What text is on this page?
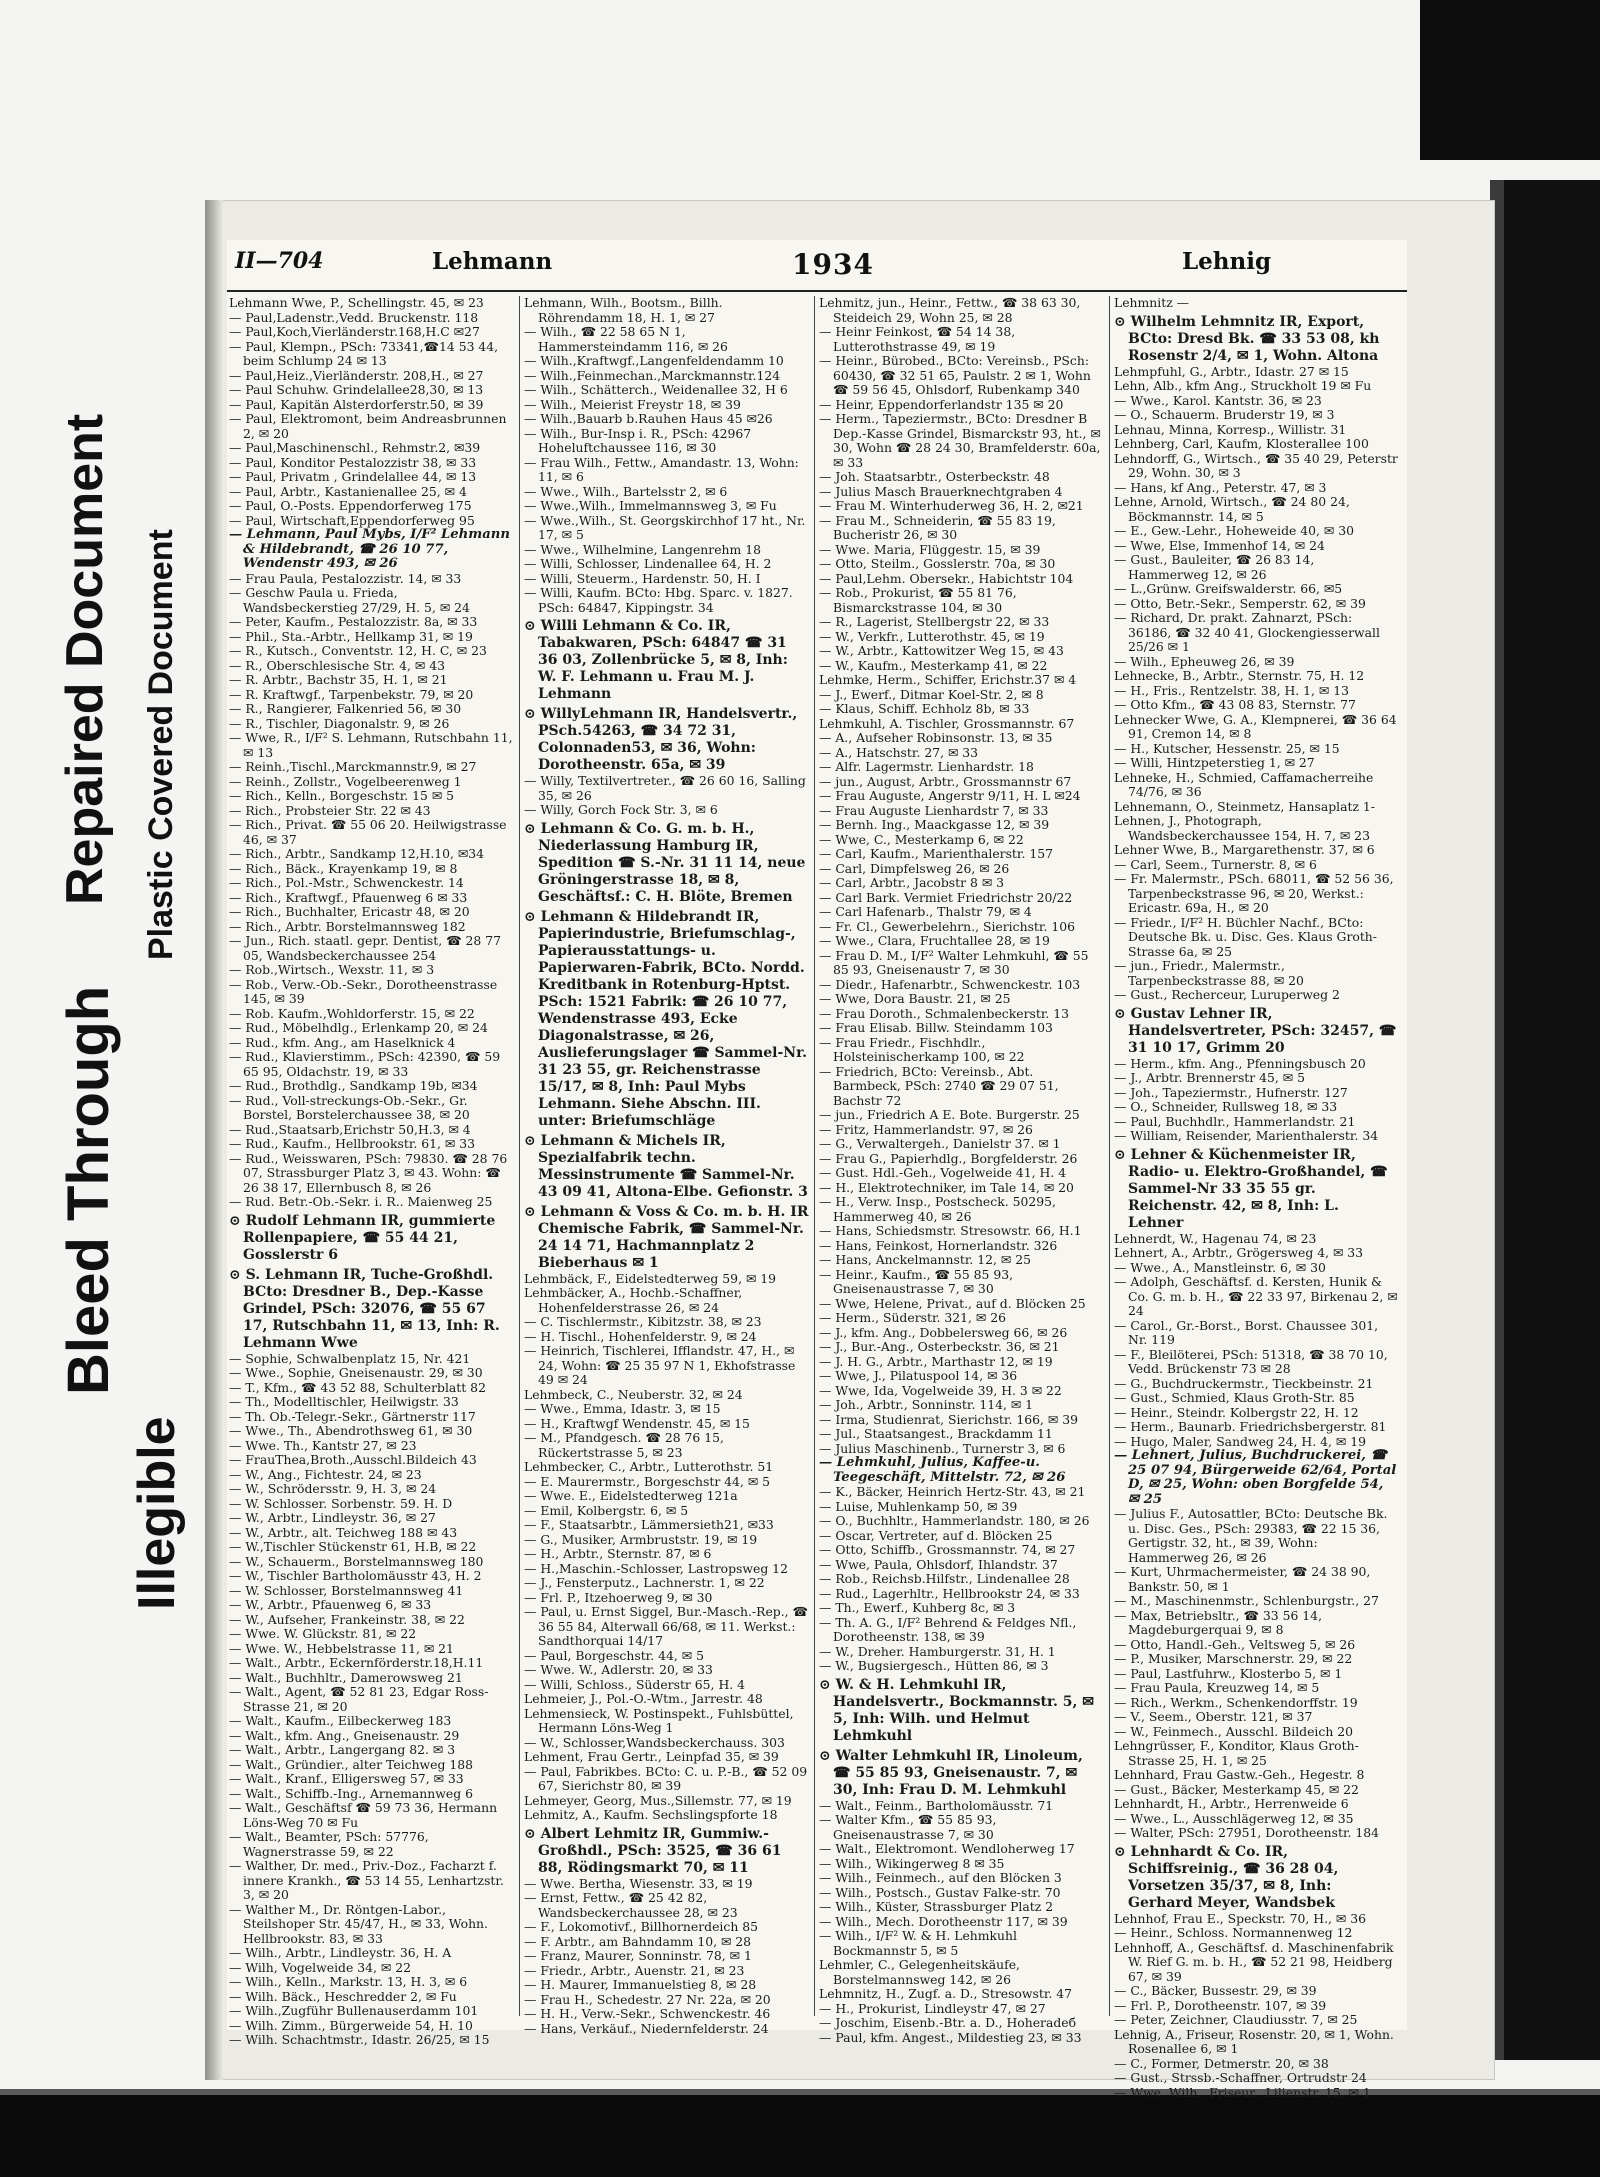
Bleed Through
Repaired Document Plastic Covered Document
Illegible
II—704	Lehmann	1934	Lehnig

Lehmann Wwe, P., Schellingstr. 45, ✉ 23

— Paul,Ladenstr.,Vedd. Bruckenstr. 118

— Paul,Koch,Vierländerstr.168,H.C ✉27

— Paul, Klempn., PSch: 73341,☎14 53 44, beim Schlump 24 ✉ 13

— Paul,Heiz.,Vierländerstr. 208,H., ✉ 27

— Paul Schuhw. Grindelallee28,30, ✉ 13

— Paul, Kapitän Alsterdorferstr.50, ✉ 39

— Paul, Elektromont, beim Andreasbrunnen 2, ✉ 20

— Paul,Maschinenschl., Rehmstr.2, ✉39

— Paul, Konditor Pestalozzistr 38, ✉ 33

— Paul, Privatm , Grindelallee 44, ✉ 13

— Paul, Arbtr., Kastanienallee 25, ✉ 4

— Paul, O.-Posts. Eppendorferweg 175

— Paul, Wirtschaft,Eppendorferweg 95

— Lehmann, Paul Mybs, I/F² Lehmann & Hildebrandt, ☎ 26 10 77, Wendenstr 493, ✉ 26

— Frau Paula, Pestalozzistr. 14, ✉ 33

— Geschw Paula u. Frieda, Wandsbeckerstieg 27/29, H. 5, ✉ 24

— Peter, Kaufm., Pestalozzistr. 8a, ✉ 33

— Phil., Sta.-Arbtr., Hellkamp 31, ✉ 19

— R., Kutsch., Conventstr. 12, H. C, ✉ 23

— R., Oberschlesische Str. 4, ✉ 43

— R. Arbtr., Bachstr 35, H. 1, ✉ 21

— R. Kraftwgf., Tarpenbekstr. 79, ✉ 20

— R., Rangierer, Falkenried 56, ✉ 30

— R., Tischler, Diagonalstr. 9, ✉ 26

— Wwe, R., I/F² S. Lehmann, Rutschbahn 11, ✉ 13

— Reinh.,Tischl.,Marckmannstr.9, ✉ 27

— Reinh., Zollstr., Vogelbeerenweg 1

— Rich., Kelln., Borgeschstr. 15 ✉ 5

— Rich., Probsteier Str. 22 ✉ 43

— Rich., Privat. ☎ 55 06 20. Heilwigstrasse 46, ✉ 37

— Rich., Arbtr., Sandkamp 12,H.10, ✉34

— Rich., Bäck., Krayenkamp 19, ✉ 8

— Rich., Pol.-Mstr., Schwenckestr. 14

— Rich., Kraftwgf., Pfauenweg 6 ✉ 33

— Rich., Buchhalter, Ericastr 48, ✉ 20

— Rich., Arbtr. Borstelmannsweg 182

— Jun., Rich. staatl. gepr. Dentist, ☎ 28 77 05, Wandsbeckerchaussee 254

— Rob.,Wirtsch., Wexstr. 11, ✉ 3

— Rob., Verw.-Ob.-Sekr., Dorotheenstrasse 145, ✉ 39

— Rob. Kaufm.,Wohldorferstr. 15, ✉ 22

— Rud., Möbelhdlg., Erlenkamp 20, ✉ 24

— Rud., kfm. Ang., am Haselknick 4

— Rud., Klavierstimm., PSch: 42390, ☎ 59 65 95, Oldachstr. 19, ✉ 33

— Rud., Brothdlg., Sandkamp 19b, ✉34

— Rud., Voll-streckungs-Ob.-Sekr., Gr. Borstel, Borstelerchaussee 38, ✉ 20

— Rud.,Staatsarb,Erichstr 50,H.3, ✉ 4

— Rud., Kaufm., Hellbrookstr. 61, ✉ 33

— Rud., Weisswaren, PSch: 79830. ☎ 28 76 07, Strassburger Platz 3, ✉ 43. Wohn: ☎ 26 38 17, Ellernbusch 8, ✉ 26

— Rud. Betr.-Ob.-Sekr. i. R.. Maienweg 25

⊙ Rudolf Lehmann IR, gummierte Rollenpapiere, ☎ 55 44 21, Gosslerstr 6

⊙ S. Lehmann IR, Tuche-Großhdl. BCto: Dresdner B., Dep.-Kasse Grindel, PSch: 32076, ☎ 55 67 17, Rutschbahn 11, ✉ 13, Inh: R. Lehmann Wwe

— Sophie, Schwalbenplatz 15, Nr. 421

— Wwe., Sophie, Gneisenaustr. 29, ✉ 30

— T., Kfm., ☎ 43 52 88, Schulterblatt 82

— Th., Modelltischler, Heilwigstr. 33

— Th. Ob.-Telegr.-Sekr., Gärtnerstr 117

— Wwe., Th., Abendrothsweg 61, ✉ 30

— Wwe. Th., Kantstr 27, ✉ 23

— FrauThea,Broth.,Ausschl.Bildeich 43

— W., Ang., Fichtestr. 24, ✉ 23

— W., Schrödersstr. 9, H. 3, ✉ 24

— W. Schlosser. Sorbenstr. 59. H. D

— W., Arbtr., Lindleystr. 36, ✉ 27

— W., Arbtr., alt. Teichweg 188 ✉ 43

— W.,Tischler Stückenstr 61, H.B, ✉ 22

— W., Schauerm., Borstelmannsweg 180

— W., Tischler Bartholomäusstr 43, H. 2

— W. Schlosser, Borstelmannsweg 41

— W., Arbtr., Pfauenweg 6, ✉ 33

— W., Aufseher, Frankeinstr. 38, ✉ 22

— Wwe. W. Glückstr. 81, ✉ 22

— Wwe. W., Hebbelstrasse 11, ✉ 21

— Walt., Arbtr., Eckernförderstr.18,H.11

— Walt., Buchhltr., Damerowsweg 21

— Walt., Agent, ☎ 52 81 23, Edgar Ross-Strasse 21, ✉ 20

— Walt., Kaufm., Eilbeckerweg 183

— Walt., kfm. Ang., Gneisenaustr. 29

— Walt., Arbtr., Langergang 82. ✉ 3

— Walt., Gründier., alter Teichweg 188

— Walt., Kranf., Elligersweg 57, ✉ 33

— Walt., Schiffb.-Ing., Arnemannweg 6

— Walt., Geschäftsf ☎ 59 73 36, Hermann Löns-Weg 70 ✉ Fu

— Walt., Beamter, PSch: 57776, Wagnerstrasse 59, ✉ 22

— Walther, Dr. med., Priv.-Doz., Facharzt f. innere Krankh., ☎ 53 14 55, Lenhartzstr. 3, ✉ 20

— Walther M., Dr. Röntgen-Labor., Steilshoper Str. 45/47, H., ✉ 33, Wohn. Hellbrookstr. 83, ✉ 33

— Wilh., Arbtr., Lindleystr. 36, H. A

— Wilh, Vogelweide 34, ✉ 22

— Wilh., Kelln., Markstr. 13, H. 3, ✉ 6

— Wilh. Bäck., Heschredder 2, ✉ Fu

— Wilh.,Zugführ Bullenauserdamm 101

— Wilh. Zimm., Bürgerweide 54, H. 10

— Wilh. Schachtmstr., Idastr. 26/25, ✉ 15

Lehmann, Wilh., Bootsm., Billh. Röhrendamm 18, H. 1, ✉ 27

— Wilh., ☎ 22 58 65 N 1, Hammersteindamm 116, ✉ 26

— Wilh.,Kraftwgf.,Langenfeldendamm 10

— Wilh.,Feinmechan.,Marckmannstr.124

— Wilh., Schätterch., Weidenallee 32, H 6

— Wilh., Meierist Freystr 18, ✉ 39

— Wilh.,Bauarb b.Rauhen Haus 45 ✉26

— Wilh., Bur-Insp i. R., PSch: 42967 Hoheluftchaussee 116, ✉ 30

— Frau Wilh., Fettw., Amandastr. 13, Wohn: 11, ✉ 6

— Wwe., Wilh., Bartelsstr 2, ✉ 6

— Wwe.,Wilh., Immelmannsweg 3, ✉ Fu

— Wwe.,Wilh., St. Georgskirchhof 17 ht., Nr. 17, ✉ 5

— Wwe., Wilhelmine, Langenrehm 18

— Willi, Schlosser, Lindenallee 64, H. 2

— Willi, Steuerm., Hardenstr. 50, H. I

— Willi, Kaufm. BCto: Hbg. Sparc. v. 1827. PSch: 64847, Kippingstr. 34

⊙ Willi Lehmann & Co. IR, Tabakwaren, PSch: 64847 ☎ 31 36 03, Zollenbrücke 5, ✉ 8, Inh: W. F. Lehmann u. Frau M. J. Lehmann

⊙ WillyLehmann IR, Handelsvertr., PSch.54263, ☎ 34 72 31, Colonnaden53, ✉ 36, Wohn: Dorotheenstr. 65a, ✉ 39

— Willy, Textilvertreter., ☎ 26 60 16, Salling 35, ✉ 26

— Willy, Gorch Fock Str. 3, ✉ 6

⊙ Lehmann & Co. G. m. b. H., Niederlassung Hamburg IR, Spedition ☎ S.-Nr. 31 11 14, neue Gröningerstrasse 18, ✉ 8, Geschäftsf.: C. H. Blöte, Bremen

⊙ Lehmann & Hildebrandt IR, Papierindustrie, Briefumschlag-, Papierausstattungs- u. Papierwaren-Fabrik, BCto. Nordd. Kreditbank in Rotenburg-Hptst. PSch: 1521 Fabrik: ☎ 26 10 77, Wendenstrasse 493, Ecke Diagonalstrasse, ✉ 26, Auslieferungslager ☎ Sammel-Nr. 31 23 55, gr. Reichenstrasse 15/17, ✉ 8, Inh: Paul Mybs Lehmann. Siehe Abschn. III. unter: Briefumschläge

⊙ Lehmann & Michels IR, Spezialfabrik techn. Messinstrumente ☎ Sammel-Nr. 43 09 41, Altona-Elbe. Gefionstr. 3

⊙ Lehmann & Voss & Co. m. b. H. IR Chemische Fabrik, ☎ Sammel-Nr. 24 14 71, Hachmannplatz 2 Bieberhaus ✉ 1

Lehmbäck, F., Eidelstedterweg 59, ✉ 19

Lehmbäcker, A., Hochb.-Schaffner, Hohenfelderstrasse 26, ✉ 24

— C. Tischlermstr., Kibitzstr. 38, ✉ 23

— H. Tischl., Hohenfelderstr. 9, ✉ 24

— Heinrich, Tischlerei, Ifflandstr. 47, H., ✉ 24, Wohn: ☎ 25 35 97 N 1, Ekhofstrasse 49 ✉ 24

Lehmbeck, C., Neuberstr. 32, ✉ 24

— Wwe., Emma, Idastr. 3, ✉ 15

— H., Kraftwgf Wendenstr. 45, ✉ 15

— M., Pfandgesch. ☎ 28 76 15, Rückertstrasse 5, ✉ 23

Lehmbecker, C., Arbtr., Lutterothstr. 51

— E. Maurermstr., Borgeschstr 44, ✉ 5

— Wwe. E., Eidelstedterweg 121a

— Emil, Kolbergstr. 6, ✉ 5

— F., Staatsarbtr., Lämmersieth21, ✉33

— G., Musiker, Armbruststr. 19, ✉ 19

— H., Arbtr., Sternstr. 87, ✉ 6

— H.,Maschin.-Schlosser, Lastropsweg 12

— J., Fensterputz., Lachnerstr. 1, ✉ 22

— Frl. P., Itzehoerweg 9, ✉ 30

— Paul, u. Ernst Siggel, Bur.-Masch.-Rep., ☎ 36 55 84, Alterwall 66/68, ✉ 11. Werkst.: Sandthorquai 14/17

— Paul, Borgeschstr. 44, ✉ 5

— Wwe. W., Adlerstr. 20, ✉ 33

— Willi, Schloss., Süderstr 65, H. 4

Lehmeier, J., Pol.-O.-Wtm., Jarrestr. 48

Lehmensieck, W. Postinspekt., Fuhlsbüttel, Hermann Löns-Weg 1

— W., Schlosser,Wandsbeckerchauss. 303

Lehment, Frau Gertr., Leinpfad 35, ✉ 39

— Paul, Fabrikbes. BCto: C. u. P.-B., ☎ 52 09 67, Sierichstr 80, ✉ 39

Lehmeyer, Georg, Mus.,Sillemstr. 77, ✉ 19

Lehmitz, A., Kaufm. Sechslingspforte 18

⊙ Albert Lehmitz IR, Gummiw.-Großhdl., PSch: 3525, ☎ 36 61 88, Rödingsmarkt 70, ✉ 11

— Wwe. Bertha, Wiesenstr. 33, ✉ 19

— Ernst, Fettw., ☎ 25 42 82, Wandsbeckerchaussee 28, ✉ 23

— F., Lokomotivf., Billhornerdeich 85

— F. Arbtr., am Bahndamm 10, ✉ 28

— Franz, Maurer, Sonninstr. 78, ✉ 1

— Friedr., Arbtr., Auenstr. 21, ✉ 23

— H. Maurer, Immanuelstieg 8, ✉ 28

— Frau H., Schedestr. 27 Nr. 22a, ✉ 20

— H. H., Verw.-Sekr., Schwenckestr. 46

— Hans, Verkäuf., Niedernfelderstr. 24

Lehmitz, jun., Heinr., Fettw., ☎ 38 63 30, Steideich 29, Wohn 25, ✉ 28

— Heinr Feinkost, ☎ 54 14 38, Lutterothstrasse 49, ✉ 19

— Heinr., Bürobed., BCto: Vereinsb., PSch: 60430, ☎ 32 51 65, Paulstr. 2 ✉ 1, Wohn ☎ 59 56 45, Ohlsdorf, Rubenkamp 340

— Heinr, Eppendorferlandstr 135 ✉ 20

— Herm., Tapeziermstr., BCto: Dresdner B Dep.-Kasse Grindel, Bismarckstr 93, ht., ✉ 30, Wohn ☎ 28 24 30, Bramfelderstr. 60a, ✉ 33

— Joh. Staatsarbtr., Osterbeckstr. 48

— Julius Masch Brauerknechtgraben 4

— Frau M. Winterhuderweg 36, H. 2, ✉21

— Frau M., Schneiderin, ☎ 55 83 19, Bucheristr 26, ✉ 30

— Wwe. Maria, Flüggestr. 15, ✉ 39

— Otto, Steilm., Gosslerstr. 70a, ✉ 30

— Paul,Lehm. Obersekr., Habichtstr 104

— Rob., Prokurist, ☎ 55 81 76, Bismarckstrasse 104, ✉ 30

— R., Lagerist, Stellbergstr 22, ✉ 33

— W., Verkfr., Lutterothstr. 45, ✉ 19

— W., Arbtr., Kattowitzer Weg 15, ✉ 43

— W., Kaufm., Mesterkamp 41, ✉ 22

Lehmke, Herm., Schiffer, Erichstr.37 ✉ 4

— J., Ewerf., Ditmar Koel-Str. 2, ✉ 8

— Klaus, Schiff. Echholz 8b, ✉ 33

Lehmkuhl, A. Tischler, Grossmannstr. 67

— A., Aufseher Robinsonstr. 13, ✉ 35

— A., Hatschstr. 27, ✉ 33

— Alfr. Lagermstr. Lienhardstr. 18

— jun., August, Arbtr., Grossmannstr 67

— Frau Auguste, Angerstr 9/11, H. L ✉24

— Frau Auguste Lienhardstr 7, ✉ 33

— Bernh. Ing., Maackgasse 12, ✉ 39

— Wwe, C., Mesterkamp 6, ✉ 22

— Carl, Kaufm., Marienthalerstr. 157

— Carl, Dimpfelsweg 26, ✉ 26

— Carl, Arbtr., Jacobstr 8 ✉ 3

— Carl Bark. Vermiet Friedrichstr 20/22

— Carl Hafenarb., Thalstr 79, ✉ 4

— Fr. Cl., Gewerbelehrn., Sierichstr. 106

— Wwe., Clara, Fruchtallee 28, ✉ 19

— Frau D. M., I/F² Walter Lehmkuhl, ☎ 55 85 93, Gneisenaustr 7, ✉ 30

— Diedr., Hafenarbtr., Schwenckestr. 103

— Wwe, Dora Baustr. 21, ✉ 25

— Frau Doroth., Schmalenbeckerstr. 13

— Frau Elisab. Billw. Steindamm 103

— Frau Friedr., Fischhdlr., Holsteinischerkamp 100, ✉ 22

— Friedrich, BCto: Vereinsb., Abt. Barmbeck, PSch: 2740 ☎ 29 07 51, Bachstr 72

— jun., Friedrich A E. Bote. Burgerstr. 25

— Fritz, Hammerlandstr. 97, ✉ 26

— G., Verwaltergeh., Danielstr 37. ✉ 1

— Frau G., Papierhdlg., Borgfelderstr. 26

— Gust. Hdl.-Geh., Vogelweide 41, H. 4

— H., Elektrotechniker, im Tale 14, ✉ 20

— H., Verw. Insp., Postscheck. 50295, Hammerweg 40, ✉ 26

— Hans, Schiedsmstr. Stresowstr. 66, H.1

— Hans, Feinkost, Hornerlandstr. 326

— Hans, Anckelmannstr. 12, ✉ 25

— Heinr., Kaufm., ☎ 55 85 93, Gneisenaustrasse 7, ✉ 30

— Wwe, Helene, Privat., auf d. Blöcken 25

— Herm., Süderstr. 321, ✉ 26

— J., kfm. Ang., Dobbelersweg 66, ✉ 26

— J., Bur.-Ang., Osterbeckstr. 36, ✉ 21

— J. H. G., Arbtr., Marthastr 12, ✉ 19

— Wwe, J., Pilatuspool 14, ✉ 36

— Wwe, Ida, Vogelweide 39, H. 3 ✉ 22

— Joh., Arbtr., Sonninstr. 114, ✉ 1

— Irma, Studienrat, Sierichstr. 166, ✉ 39

— Jul., Staatsangest., Brackdamm 11

— Julius Maschinenb., Turnerstr 3, ✉ 6

— Lehmkuhl, Julius, Kaffee-u. Teegeschäft, Mittelstr. 72, ✉ 26

— K., Bäcker, Heinrich Hertz-Str. 43, ✉ 21

— Luise, Muhlenkamp 50, ✉ 39

— O., Buchhltr., Hammerlandstr. 180, ✉ 26

— Oscar, Vertreter, auf d. Blöcken 25

— Otto, Schiffb., Grossmannstr. 74, ✉ 27

— Wwe, Paula, Ohlsdorf, Ihlandstr. 37

— Rob., Reichsb.Hilfstr., Lindenallee 28

— Rud., Lagerhltr., Hellbrookstr 24, ✉ 33

— Th., Ewerf., Kuhberg 8c, ✉ 3

— Th. A. G., I/F² Behrend & Feldges Nfl., Dorotheenstr. 138, ✉ 39

— W., Dreher. Hamburgerstr. 31, H. 1

— W., Bugsiergesch., Hütten 86, ✉ 3

⊙ W. & H. Lehmkuhl IR, Handelsvertr., Bockmannstr. 5, ✉ 5, Inh: Wilh. und Helmut Lehmkuhl

⊙ Walter Lehmkuhl IR, Linoleum, ☎ 55 85 93, Gneisenaustr. 7, ✉ 30, Inh: Frau D. M. Lehmkuhl

— Walt., Feinm., Bartholomäusstr. 71

— Walter Kfm., ☎ 55 85 93, Gneisenaustrasse 7, ✉ 30

— Walt., Elektromont. Wendloherweg 17

— Wilh., Wikingerweg 8 ✉ 35

— Wilh., Feinmech., auf den Blöcken 3

— Wilh., Postsch., Gustav Falke-str. 70

— Wilh., Küster, Strassburger Platz 2

— Wilh., Mech. Dorotheenstr 117, ✉ 39

— Wilh., I/F² W. & H. Lehmkuhl Bockmannstr 5, ✉ 5

Lehmler, C., Gelegenheitskäufe, Borstelmannsweg 142, ✉ 26

Lehmnitz, H., Zugf. a. D., Stresowstr. 47

— H., Prokurist, Lindleystr 47, ✉ 27

— Joschim, Eisenb.-Btr. a. D., Hoheradeб

— Paul, kfm. Angest., Mildestieg 23, ✉ 33

Lehmnitz —

⊙ Wilhelm Lehmnitz IR, Export, BCto: Dresd Bk. ☎ 33 53 08, kh Rosenstr 2/4, ✉ 1, Wohn. Altona

Lehmpfuhl, G., Arbtr., Idastr. 27 ✉ 15

Lehn, Alb., kfm Ang., Struckholt 19 ✉ Fu

— Wwe., Karol. Kantstr. 36, ✉ 23

— O., Schauerm. Bruderstr 19, ✉ 3

Lehnau, Minna, Korresp., Willistr. 31

Lehnberg, Carl, Kaufm, Klosterallee 100

Lehndorff, G., Wirtsch., ☎ 35 40 29, Peterstr 29, Wohn. 30, ✉ 3

— Hans, kf Ang., Peterstr. 47, ✉ 3

Lehne, Arnold, Wirtsch., ☎ 24 80 24, Böckmannstr. 14, ✉ 5

— E., Gew.-Lehr., Hoheweide 40, ✉ 30

— Wwe, Else, Immenhof 14, ✉ 24

— Gust., Bauleiter, ☎ 26 83 14, Hammerweg 12, ✉ 26

— L.,Grünw. Greifswalderstr. 66, ✉5

— Otto, Betr.-Sekr., Semperstr. 62, ✉ 39

— Richard, Dr. prakt. Zahnarzt, PSch: 36186, ☎ 32 40 41, Glockengiesserwall 25/26 ✉ 1

— Wilh., Epheuweg 26, ✉ 39

Lehnecke, B., Arbtr., Sternstr. 75, H. 12

— H., Fris., Rentzelstr. 38, H. 1, ✉ 13

— Otto Kfm., ☎ 43 08 83, Sternstr. 77

Lehnecker Wwe, G. A., Klempnerei, ☎ 36 64 91, Cremon 14, ✉ 8

— H., Kutscher, Hessenstr. 25, ✉ 15

— Willi, Hintzpeterstieg 1, ✉ 27

Lehneke, H., Schmied, Caffamacherreihe 74/76, ✉ 36

Lehnemann, O., Steinmetz, Hansaplatz 1-

Lehnen, J., Photograph, Wandsbeckerchaussee 154, H. 7, ✉ 23

Lehner Wwe, B., Margarethenstr. 37, ✉ 6

— Carl, Seem., Turnerstr. 8, ✉ 6

— Fr. Malermstr., PSch. 68011, ☎ 52 56 36, Tarpenbeckstrasse 96, ✉ 20, Werkst.: Ericastr. 69a, H., ✉ 20

— Friedr., I/F² H. Büchler Nachf., BCto: Deutsche Bk. u. Disc. Ges. Klaus Groth-Strasse 6a, ✉ 25

— jun., Friedr., Malermstr., Tarpenbeckstrasse 88, ✉ 20

— Gust., Recherceur, Luruperweg 2

⊙ Gustav Lehner IR, Handelsvertreter, PSch: 32457, ☎ 31 10 17, Grimm 20

— Herm., kfm. Ang., Pfenningsbusch 20

— J., Arbtr. Brennerstr 45, ✉ 5

— Joh., Tapeziermstr., Hufnerstr. 127

— O., Schneider, Rullsweg 18, ✉ 33

— Paul, Buchhdlr., Hammerlandstr. 21

— William, Reisender, Marienthalerstr. 34

⊙ Lehner & Küchenmeister IR, Radio- u. Elektro-Großhandel, ☎ Sammel-Nr 33 35 55 gr. Reichenstr. 42, ✉ 8, Inh: L. Lehner

Lehnerdt, W., Hagenau 74, ✉ 23

Lehnert, A., Arbtr., Grögersweg 4, ✉ 33

— Wwe., A., Manstleinstr. 6, ✉ 30

— Adolph, Geschäftsf. d. Kersten, Hunik & Co. G. m. b. H., ☎ 22 33 97, Birkenau 2, ✉ 24

— Carol., Gr.-Borst., Borst. Chaussee 301, Nr. 119

— F., Bleilöterei, PSch: 51318, ☎ 38 70 10, Vedd. Brückenstr 73 ✉ 28

— G., Buchdruckermstr., Tieckbeinstr. 21

— Gust., Schmied, Klaus Groth-Str. 85

— Heinr., Steindr. Kolbergstr 22, H. 12

— Herm., Baunarb. Friedrichsbergerstr. 81

— Hugo, Maler, Sandweg 24, H. 4, ✉ 19

— Lehnert, Julius, Buchdruckerei, ☎ 25 07 94, Bürgerweide 62/64, Portal D, ✉ 25, Wohn: oben Borgfelde 54, ✉ 25

— Julius F., Autosattler, BCto: Deutsche Bk. u. Disc. Ges., PSch: 29383, ☎ 22 15 36, Gertigstr. 32, ht., ✉ 39, Wohn: Hammerweg 26, ✉ 26

— Kurt, Uhrmachermeister, ☎ 24 38 90, Bankstr. 50, ✉ 1

— M., Maschinenmstr., Schlenburgstr., 27

— Max, Betriebsltr., ☎ 33 56 14, Magdeburgerquai 9, ✉ 8

— Otto, Handl.-Geh., Veltsweg 5, ✉ 26

— P., Musiker, Marschnerstr. 29, ✉ 22

— Paul, Lastfuhrw., Klosterbo 5, ✉ 1

— Frau Paula, Kreuzweg 14, ✉ 5

— Rich., Werkm., Schenkendorffstr. 19

— V., Seem., Oberstr. 121, ✉ 37

— W., Feinmech., Ausschl. Bildeich 20

Lehngrüsser, F., Konditor, Klaus Groth-Strasse 25, H. 1, ✉ 25

Lehnhard, Frau Gastw.-Geh., Hegestr. 8

— Gust., Bäcker, Mesterkamp 45, ✉ 22

Lehnhardt, H., Arbtr., Herrenweide 6

— Wwe., L., Ausschlägerweg 12, ✉ 35

— Walter, PSch: 27951, Dorotheenstr. 184

⊙ Lehnhardt & Co. IR, Schiffsreinig., ☎ 36 28 04, Vorsetzen 35/37, ✉ 8, Inh: Gerhard Meyer, Wandsbek

Lehnhof, Frau E., Speckstr. 70, H., ✉ 36

— Heinr., Schloss. Normannenweg 12

Lehnhoff, A., Geschäftsf. d. Maschinenfabrik W. Rief G. m. b. H., ☎ 52 21 98, Heidberg 67, ✉ 39

— C., Bäcker, Bussestr. 29, ✉ 39

— Frl. P., Dorotheenstr. 107, ✉ 39

— Peter, Zeichner, Claudiusstr. 7, ✉ 25

Lehnig, A., Friseur, Rosenstr. 20, ✉ 1, Wohn. Rosenallee 6, ✉ 1

— C., Former, Detmerstr. 20, ✉ 38

— Gust., Strssb.-Schaffner, Ortrudstr 24

— Wwe, Wilh., Friseur., Lilienstr. 15, ✉ 1
